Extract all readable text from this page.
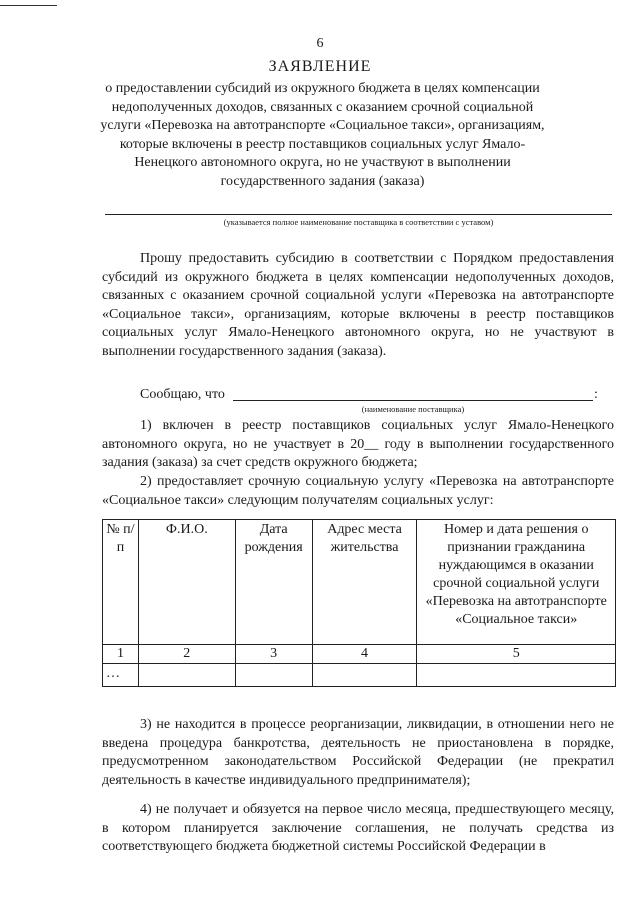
6
ЗАЯВЛЕНИЕ
о предоставлении субсидий из окружного бюджета в целях компенсации недополученных доходов, связанных с оказанием срочной социальной услуги «Перевозка на автотранспорте «Социальное такси», организациям, которые включены в реестр поставщиков социальных услуг Ямало-Ненецкого автономного округа, но не участвуют в выполнении государственного задания (заказа)
(указывается полное наименование поставщика в соответствии с уставом)

Прошу предоставить субсидию в соответствии с Порядком предоставления субсидий из окружного бюджета в целях компенсации недополученных доходов, связанных с оказанием срочной социальной услуги «Перевозка на автотранспорте «Социальное такси», организациям, которые включены в реестр поставщиков социальных услуг Ямало-Ненецкого автономного округа, но не участвуют в выполнении государственного задания (заказа).

Сообщаю, что	:
(наименование поставщика)

1) включен в реестр поставщиков социальных услуг Ямало-Ненецкого автономного округа, но не участвует в 20__ году в выполнении государственного задания (заказа) за счет средств окружного бюджета;

2) предоставляет срочную социальную услугу «Перевозка на автотранспорте «Социальное такси» следующим получателям социальных услуг:

№ п/п	Ф.И.О.	Дата рождения	Адрес места жительства	Номер и дата решения о признании гражданина нуждающимся в оказании срочной социальной услуги «Перевозка на автотранспорте «Социальное такси»
1	2	3	4	5
…				

3) не находится в процессе реорганизации, ликвидации, в отношении него не введена процедура банкротства, деятельность не приостановлена в порядке, предусмотренном законодательством Российской Федерации (не прекратил деятельность в качестве индивидуального предпринимателя);

4) не получает и обязуется на первое число месяца, предшествующего месяцу, в котором планируется заключение соглашения, не получать средства из соответствующего бюджета бюджетной системы Российской Федерации в
